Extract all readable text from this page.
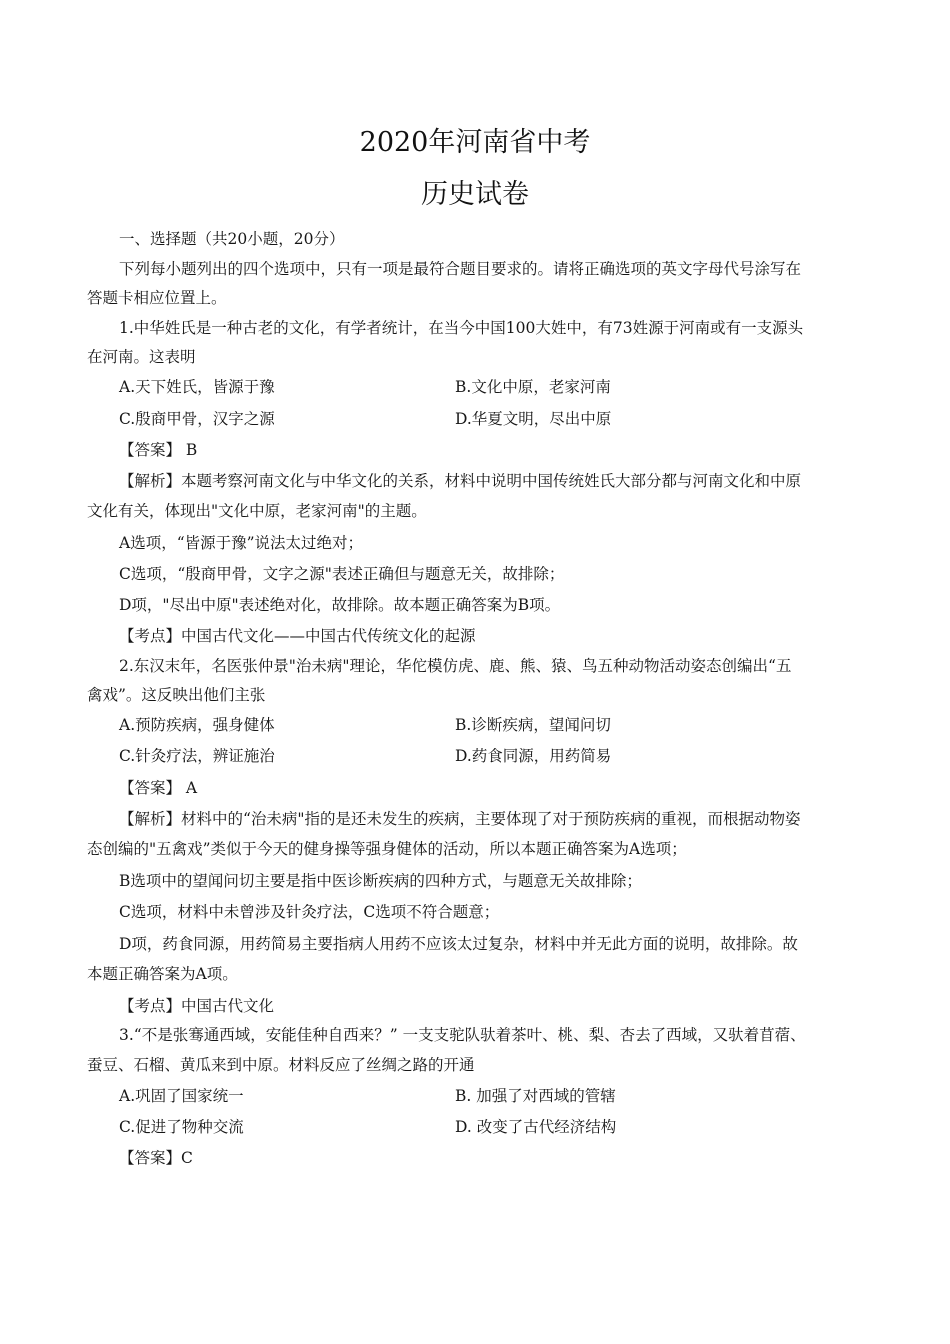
2020年河南省中考
历史试卷
一、选择题（共20小题，20分）
下列每小题列出的四个选项中，只有一项是最符合题目要求的。请将正确选项的英文字母代号涂写在
答题卡相应位置上。
1.中华姓氏是一种古老的文化，有学者统计，在当今中国100大姓中，有73姓源于河南或有一支源头
在河南。这表明
A.天下姓氏，皆源于豫	B.文化中原，老家河南
C.殷商甲骨，汉字之源	D.华夏文明，尽出中原
【答案】 B
【解析】本题考察河南文化与中华文化的关系，材料中说明中国传统姓氏大部分都与河南文化和中原
文化有关，体现出"文化中原，老家河南"的主题。
A选项，“皆源于豫”说法太过绝对；
C选项，“殷商甲骨，文字之源"表述正确但与题意无关，故排除；
D项，"尽出中原"表述绝对化，故排除。故本题正确答案为B项。
【考点】中国古代文化——中国古代传统文化的起源
2.东汉末年，名医张仲景"治未病"理论，华佗模仿虎、鹿、熊、猿、鸟五种动物活动姿态创编出“五
禽戏”。这反映出他们主张
A.预防疾病，强身健体	B.诊断疾病，望闻问切
C.针灸疗法，辨证施治	D.药食同源，用药简易
【答案】 A
【解析】材料中的“治未病"指的是还未发生的疾病，主要体现了对于预防疾病的重视，而根据动物姿
态创编的"五禽戏”类似于今天的健身操等强身健体的活动，所以本题正确答案为A选项；
B选项中的望闻问切主要是指中医诊断疾病的四种方式，与题意无关故排除；
C选项，材料中未曾涉及针灸疗法，C选项不符合题意；
D项，药食同源，用药简易主要指病人用药不应该太过复杂，材料中并无此方面的说明，故排除。故
本题正确答案为A项。
【考点】中国古代文化
3.“不是张骞通西域，安能佳种自西来？” 一支支驼队驮着茶叶、桃、梨、杏去了西域，又驮着苜蓿、
蚕豆、石榴、黄瓜来到中原。材料反应了丝绸之路的开通
A.巩固了国家统一	B. 加强了对西域的管辖
C.促进了物种交流	D. 改变了古代经济结构
【答案】C
